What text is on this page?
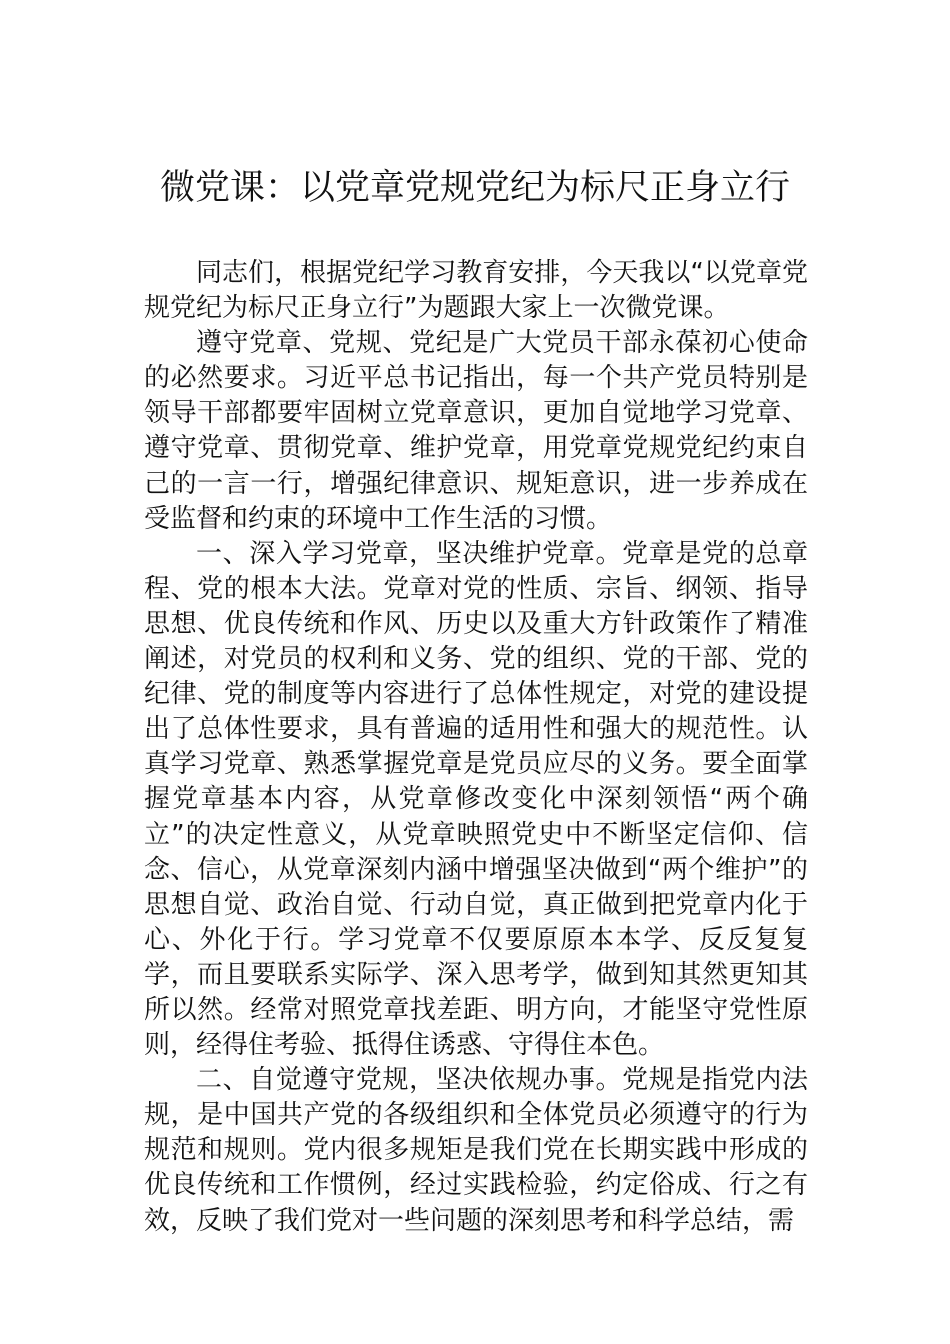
微党课：以党章党规党纪为标尺正身立行

同志们，根据党纪学习教育安排，今天我以“以党章党规党纪为标尺正身立行”为题跟大家上一次微党课。

遵守党章、党规、党纪是广大党员干部永葆初心使命的必然要求。习近平总书记指出，每一个共产党员特别是领导干部都要牢固树立党章意识，更加自觉地学习党章、遵守党章、贯彻党章、维护党章，用党章党规党纪约束自己的一言一行，增强纪律意识、规矩意识，进一步养成在受监督和约束的环境中工作生活的习惯。

一、深入学习党章，坚决维护党章。党章是党的总章程、党的根本大法。党章对党的性质、宗旨、纲领、指导思想、优良传统和作风、历史以及重大方针政策作了精准阐述，对党员的权利和义务、党的组织、党的干部、党的纪律、党的制度等内容进行了总体性规定，对党的建设提出了总体性要求，具有普遍的适用性和强大的规范性。认真学习党章、熟悉掌握党章是党员应尽的义务。要全面掌握党章基本内容，从党章修改变化中深刻领悟“两个确立”的决定性意义，从党章映照党史中不断坚定信仰、信念、信心，从党章深刻内涵中增强坚决做到“两个维护”的思想自觉、政治自觉、行动自觉，真正做到把党章内化于心、外化于行。学习党章不仅要原原本本学、反反复复学，而且要联系实际学、深入思考学，做到知其然更知其所以然。经常对照党章找差距、明方向，才能坚守党性原则，经得住考验、抵得住诱惑、守得住本色。

二、自觉遵守党规，坚决依规办事。党规是指党内法规，是中国共产党的各级组织和全体党员必须遵守的行为规范和规则。党内很多规矩是我们党在长期实践中形成的优良传统和工作惯例，经过实践检验，约定俗成、行之有效，反映了我们党对一些问题的深刻思考和科学总结，需
